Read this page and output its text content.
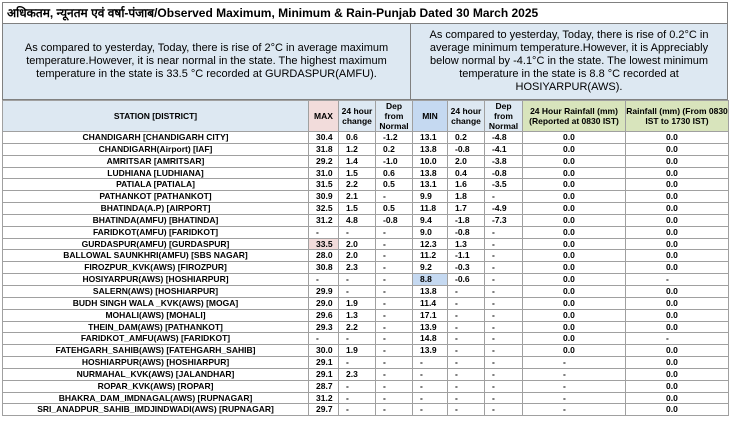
अधिकतम, न्यूनतम एवं वर्षा-पंजाब/Observed Maximum, Minimum & Rain-Punjab Dated 30 March 2025
As compared to yesterday, Today, there is rise of 2°C in average maximum temperature.However, it is near normal in the state. The highest maximum temperature in the state is 33.5 °C recorded at GURDASPUR(AMFU).
As compared to yesterday, Today, there is rise of 0.2°C in average minimum temperature.However, it is Appreciably below normal by -4.1°C in the state. The lowest minimum temperature in the state is 8.8 °C recorded at HOSIYARPUR(AWS).
STATION [DISTRICT]	MAX	24 hour change	Dep from Normal	MIN	24 hour change	Dep from Normal	24 Hour Rainfall (mm) (Reported at 0830 IST)	Rainfall (mm) (From 0830 IST to 1730 IST)
CHANDIGARH [CHANDIGARH CITY]	30.4	0.6	-1.2	13.1	0.2	-4.8	0.0	0.0
CHANDIGARH(Airport) [IAF]	31.8	1.2	0.2	13.8	-0.8	-4.1	0.0	0.0
AMRITSAR [AMRITSAR]	29.2	1.4	-1.0	10.0	2.0	-3.8	0.0	0.0
LUDHIANA [LUDHIANA]	31.0	1.5	0.6	13.8	0.4	-0.8	0.0	0.0
PATIALA [PATIALA]	31.5	2.2	0.5	13.1	1.6	-3.5	0.0	0.0
PATHANKOT [PATHANKOT]	30.9	2.1	-	9.9	1.8	-	0.0	0.0
BHATINDA(A.P) [AIRPORT]	32.5	1.5	0.5	11.8	1.7	-4.9	0.0	0.0
BHATINDA(AMFU) [BHATINDA]	31.2	4.8	-0.8	9.4	-1.8	-7.3	0.0	0.0
FARIDKOT(AMFU) [FARIDKOT]	-	-	-	9.0	-0.8	-	0.0	0.0
GURDASPUR(AMFU) [GURDASPUR]	33.5	2.0	-	12.3	1.3	-	0.0	0.0
BALLOWAL SAUNKHRI(AMFU) [SBS NAGAR]	28.0	2.0	-	11.2	-1.1	-	0.0	0.0
FIROZPUR_KVK(AWS) [FIROZPUR]	30.8	2.3	-	9.2	-0.3	-	0.0	0.0
HOSIYARPUR(AWS) [HOSHIARPUR]	-	-	-	8.8	-0.6	-	0.0	-
SALERN(AWS) [HOSHIARPUR]	29.9	-	-	13.8	-	-	0.0	0.0
BUDH SINGH WALA _KVK(AWS) [MOGA]	29.0	1.9	-	11.4	-	-	0.0	0.0
MOHALI(AWS) [MOHALI]	29.6	1.3	-	17.1	-	-	0.0	0.0
THEIN_DAM(AWS) [PATHANKOT]	29.3	2.2	-	13.9	-	-	0.0	0.0
FARIDKOT_AMFU(AWS) [FARIDKOT]	-	-	-	14.8	-	-	0.0	-
FATEHGARH_SAHIB(AWS) [FATEHGARH_SAHIB]	30.0	1.9	-	13.9	-	-	0.0	0.0
HOSHIARPUR(AWS) [HOSHIARPUR]	29.1	-	-	-	-	-	-	0.0
NURMAHAL_KVK(AWS) [JALANDHAR]	29.1	2.3	-	-	-	-	-	0.0
ROPAR_KVK(AWS) [ROPAR]	28.7	-	-	-	-	-	-	0.0
BHAKRA_DAM_IMDNAGAL(AWS) [RUPNAGAR]	31.2	-	-	-	-	-	-	0.0
SRI_ANADPUR_SAHIB_IMDJINDWADI(AWS) [RUPNAGAR]	29.7	-	-	-	-	-	-	0.0
